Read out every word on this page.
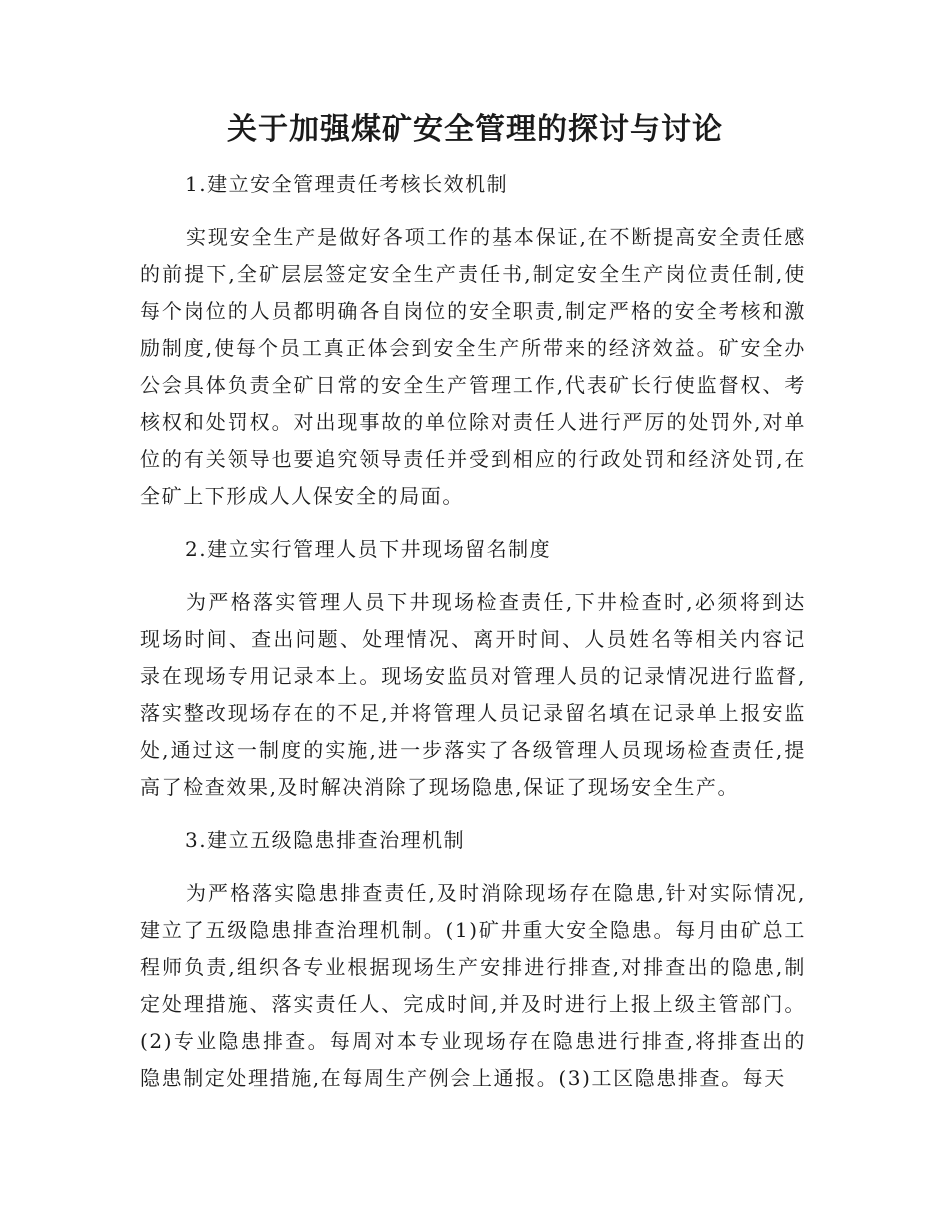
关于加强煤矿安全管理的探讨与讨论

1.建立安全管理责任考核长效机制

实现安全生产是做好各项工作的基本保证,在不断提高安全责任感的前提下,全矿层层签定安全生产责任书,制定安全生产岗位责任制,使每个岗位的人员都明确各自岗位的安全职责,制定严格的安全考核和激励制度,使每个员工真正体会到安全生产所带来的经济效益。矿安全办公会具体负责全矿日常的安全生产管理工作,代表矿长行使监督权、考核权和处罚权。对出现事故的单位除对责任人进行严厉的处罚外,对单位的有关领导也要追究领导责任并受到相应的行政处罚和经济处罚,在全矿上下形成人人保安全的局面。

2.建立实行管理人员下井现场留名制度

为严格落实管理人员下井现场检查责任,下井检查时,必须将到达现场时间、查出问题、处理情况、离开时间、人员姓名等相关内容记录在现场专用记录本上。现场安监员对管理人员的记录情况进行监督,落实整改现场存在的不足,并将管理人员记录留名填在记录单上报安监处,通过这一制度的实施,进一步落实了各级管理人员现场检查责任,提高了检查效果,及时解决消除了现场隐患,保证了现场安全生产。

3.建立五级隐患排查治理机制

为严格落实隐患排查责任,及时消除现场存在隐患,针对实际情况,建立了五级隐患排查治理机制。(1)矿井重大安全隐患。每月由矿总工程师负责,组织各专业根据现场生产安排进行排查,对排查出的隐患,制定处理措施、落实责任人、完成时间,并及时进行上报上级主管部门。(2)专业隐患排查。每周对本专业现场存在隐患进行排查,将排查出的隐患制定处理措施,在每周生产例会上通报。(3)工区隐患排查。每天
